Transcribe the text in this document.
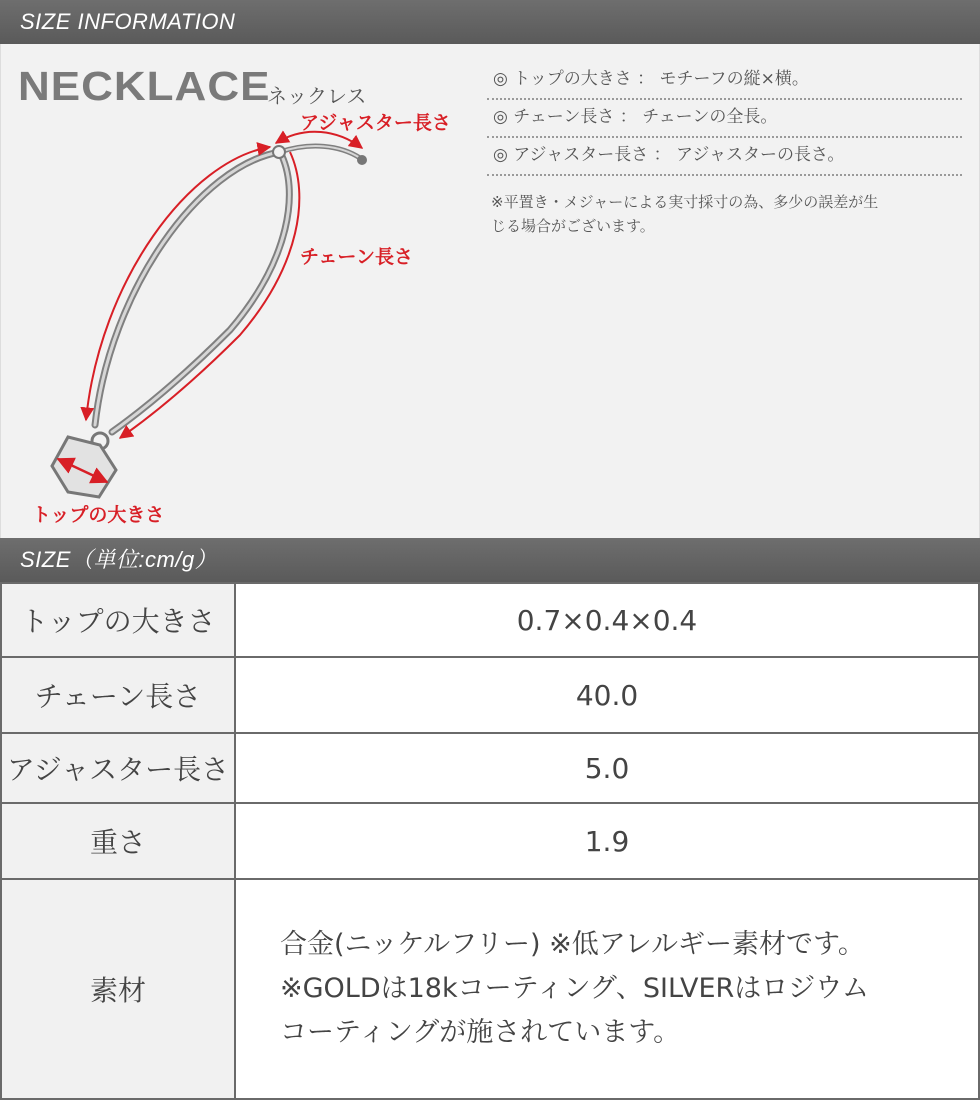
SIZE INFORMATION
NECKLACE
ネックレス
アジャスター長さ
チェーン長さ
トップの大きさ
◎ トップの大きさ ： モチーフの縦×横。
◎ チェーン長さ ： チェーンの全長。
◎ アジャスター長さ ： アジャスターの長さ。
※平置き・メジャーによる実寸採寸の為、多少の誤差が生
じる場合がございます。
SIZE（単位:cm/g）
トップの大きさ	0.7×0.4×0.4
チェーン長さ	40.0
アジャスター長さ	5.0
重さ	1.9
素材	合金(ニッケルフリー) ※低アレルギー素材です。
※GOLDは18kコーティング、SILVERはロジウム
コーティングが施されています。
